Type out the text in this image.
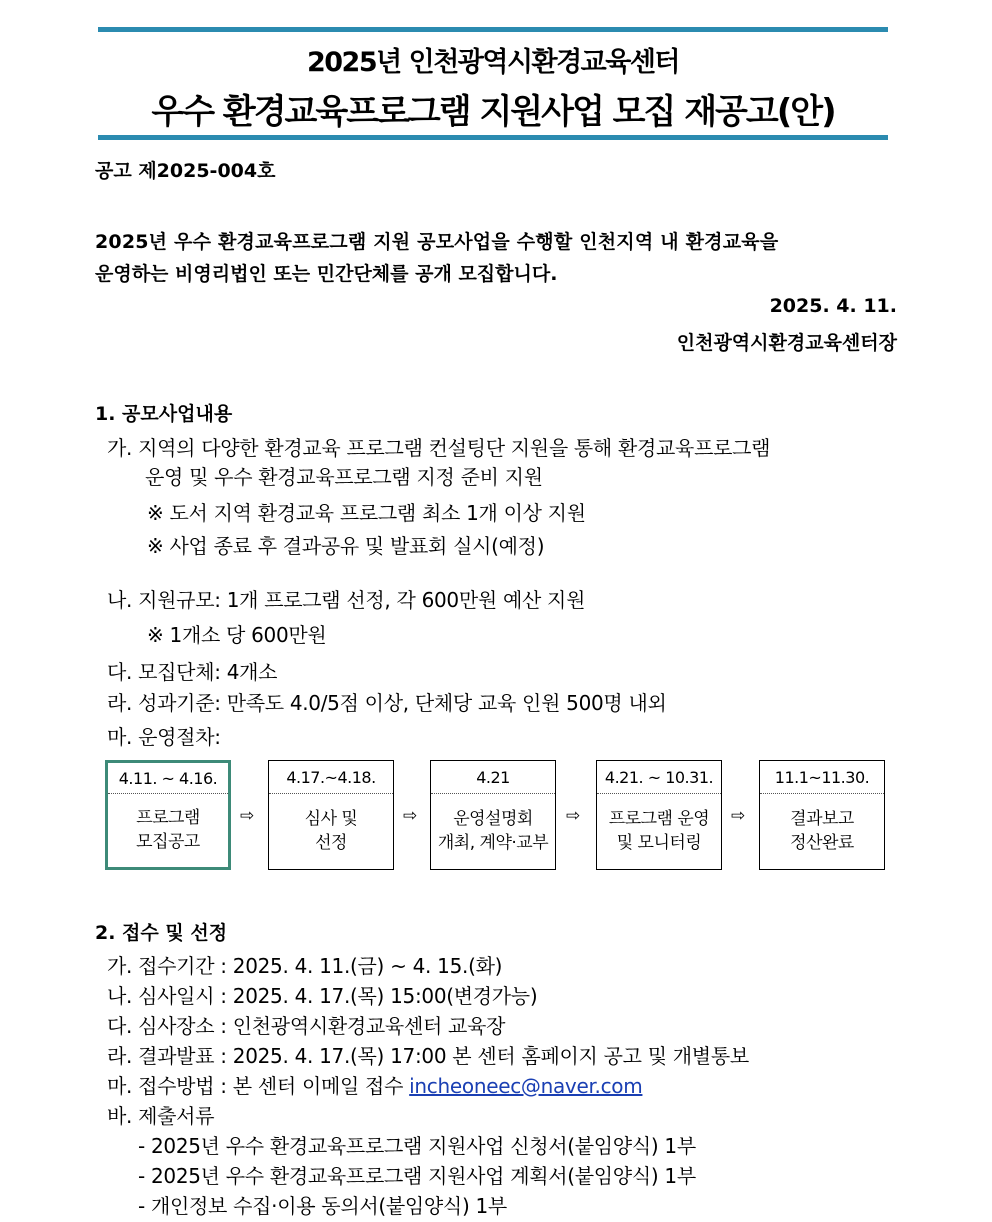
2025년 인천광역시환경교육센터
우수 환경교육프로그램 지원사업 모집 재공고(안)
공고 제2025-004호
2025년 우수 환경교육프로그램 지원 공모사업을 수행할 인천지역 내 환경교육을
운영하는 비영리법인 또는 민간단체를 공개 모집합니다.
2025. 4. 11.
인천광역시환경교육센터장
1. 공모사업내용
가. 지역의 다양한 환경교육 프로그램 컨설팅단 지원을 통해 환경교육프로그램
운영 및 우수 환경교육프로그램 지정 준비 지원
※ 도서 지역 환경교육 프로그램 최소 1개 이상 지원
※ 사업 종료 후 결과공유 및 발표회 실시(예정)
나. 지원규모: 1개 프로그램 선정, 각 600만원 예산 지원
※ 1개소 당 600만원
다. 모집단체: 4개소
라. 성과기준: 만족도 4.0/5점 이상, 단체당 교육 인원 500명 내외
마. 운영절차:
4.11. ~ 4.16.
프로그램
모집공고
⇨
4.17.~4.18.
심사 및
선정
⇨
4.21
운영설명회
개최, 계약·교부
⇨
4.21. ~ 10.31.
프로그램 운영
및 모니터링
⇨
11.1~11.30.
결과보고
정산완료
2. 접수 및 선정
가. 접수기간 : 2025. 4. 11.(금) ~ 4. 15.(화)
나. 심사일시 : 2025. 4. 17.(목) 15:00(변경가능)
다. 심사장소 : 인천광역시환경교육센터 교육장
라. 결과발표 : 2025. 4. 17.(목) 17:00 본 센터 홈페이지 공고 및 개별통보
마. 접수방법 : 본 센터 이메일 접수 incheoneec@naver.com
바. 제출서류
- 2025년 우수 환경교육프로그램 지원사업 신청서(붙임양식) 1부
- 2025년 우수 환경교육프로그램 지원사업 계획서(붙임양식) 1부
- 개인정보 수집·이용 동의서(붙임양식) 1부
